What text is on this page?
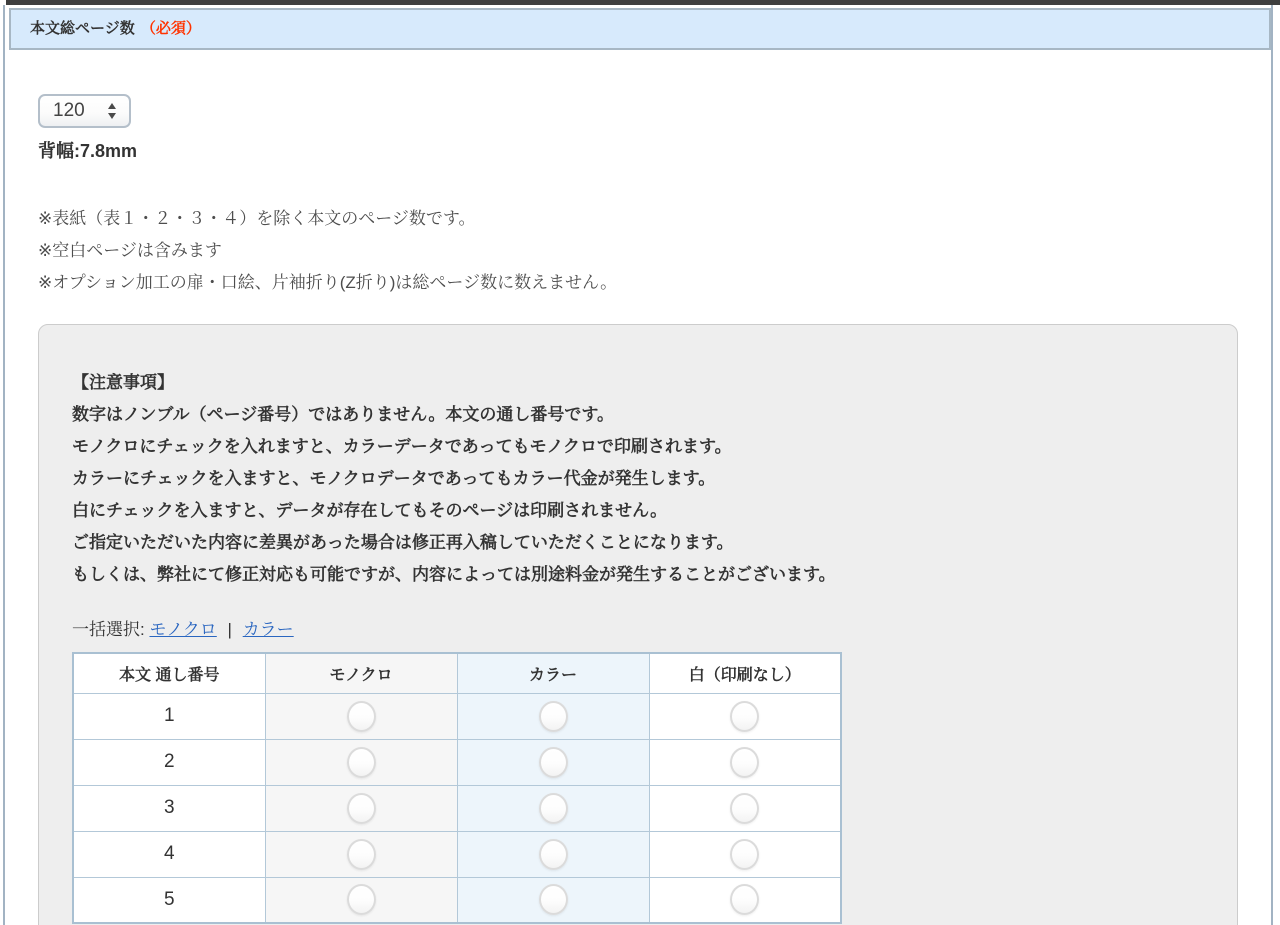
本文総ページ数 （必須）
120
背幅:7.8mm
※表紙（表１・２・３・４）を除く本文のページ数です。
※空白ページは含みます
※オプション加工の扉・口絵、片袖折り(Z折り)は総ページ数に数えません。
【注意事項】
数字はノンブル（ページ番号）ではありません。本文の通し番号です。
モノクロにチェックを入れますと、カラーデータであってもモノクロで印刷されます。
カラーにチェックを入ますと、モノクロデータであってもカラー代金が発生します。
白にチェックを入ますと、データが存在してもそのページは印刷されません。
ご指定いただいた内容に差異があった場合は修正再入稿していただくことになります。
もしくは、弊社にて修正対応も可能ですが、内容によっては別途料金が発生することがございます。
一括選択: モノクロ | カラー
本文 通し番号	モノクロ	カラー	白（印刷なし）
1	

2	

3	

4	

5	
